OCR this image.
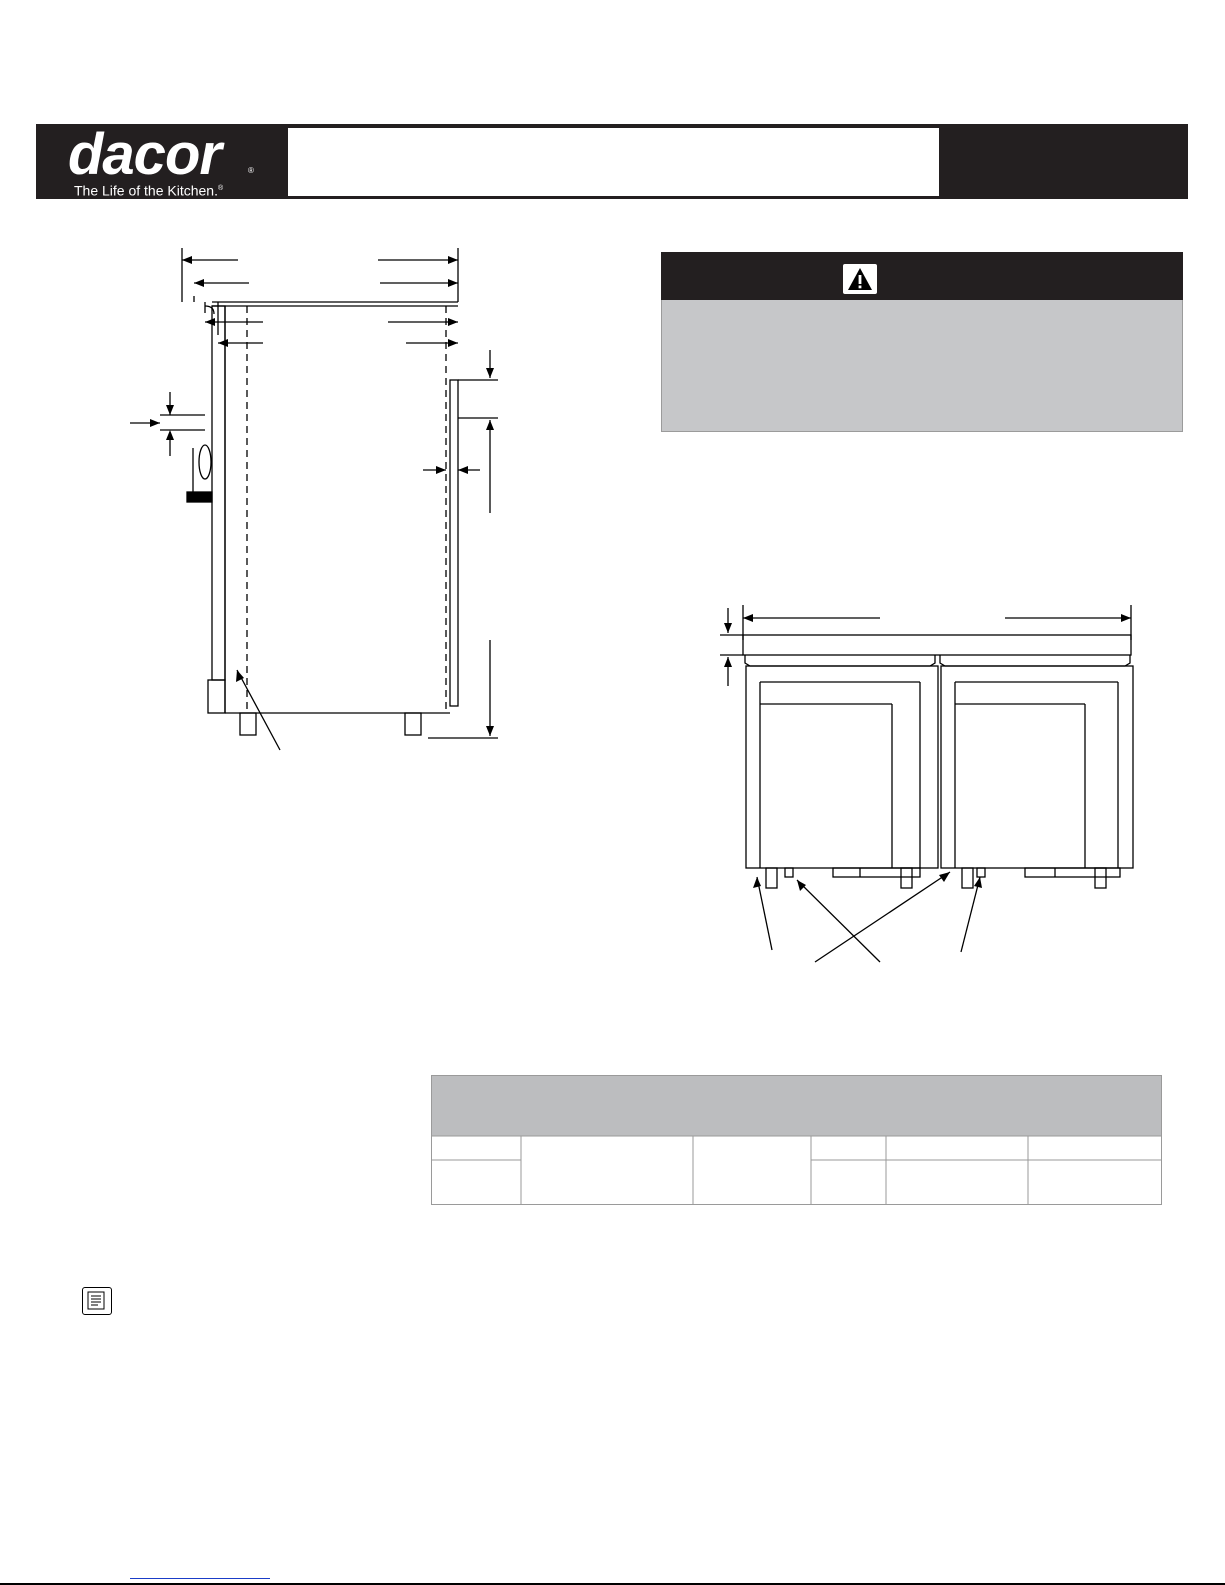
dacor	®
The Life of the Kitchen.®
